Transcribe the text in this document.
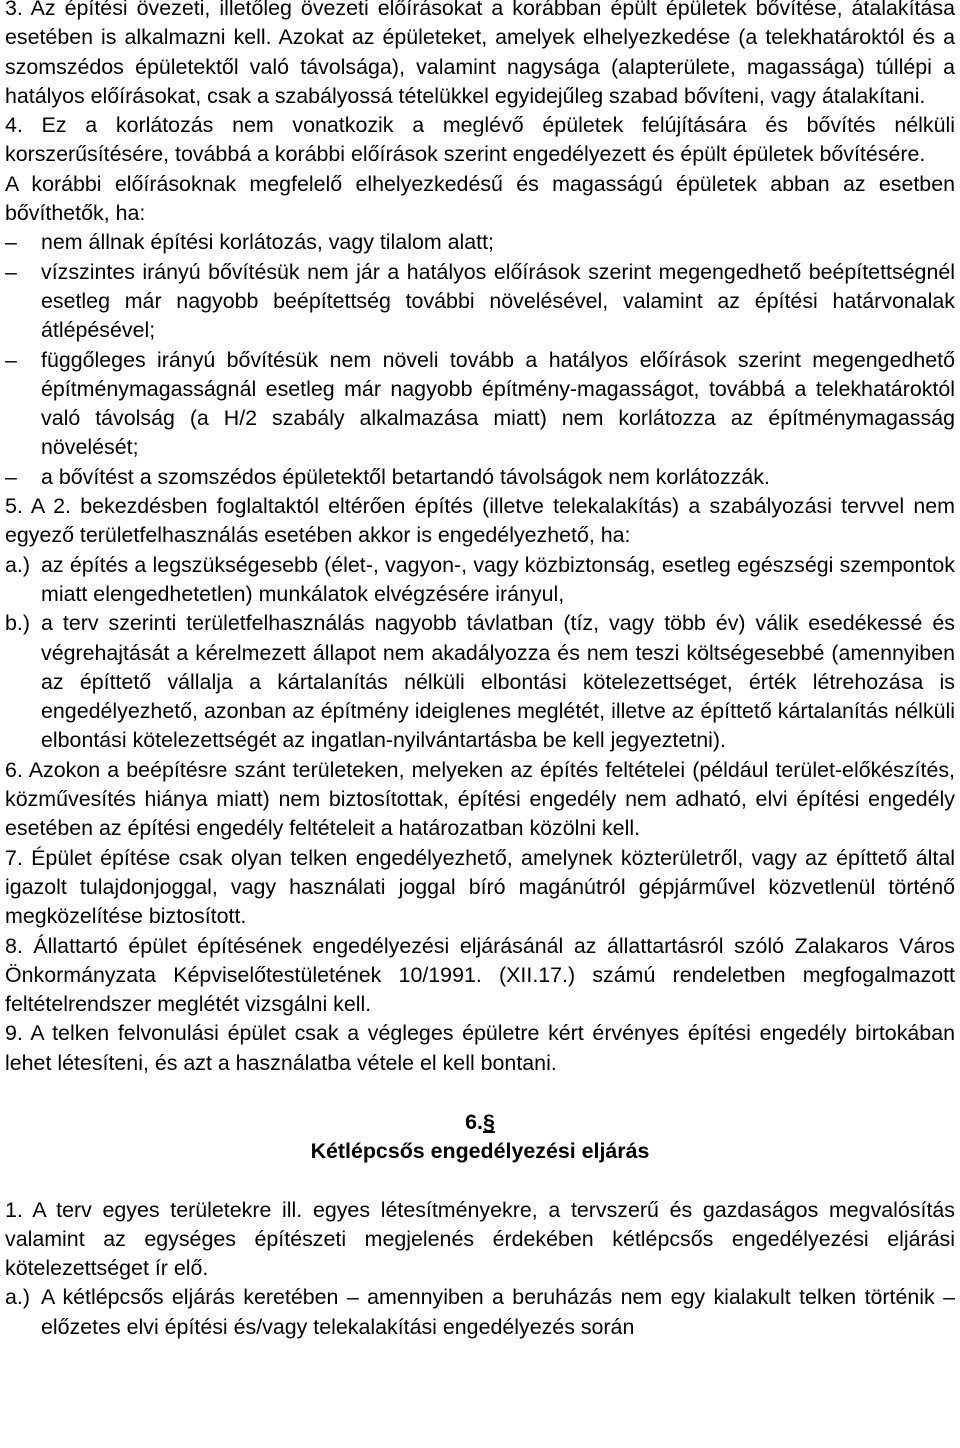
3. Az építési övezeti, illetőleg övezeti előírásokat a korábban épült épületek bővítése, átalakítása esetében is alkalmazni kell. Azokat az épületeket, amelyek elhelyezkedése (a telekhatároktól és a szomszédos épületektől való távolsága), valamint nagysága (alapterülete, magassága) túllépi a hatályos előírásokat, csak a szabályossá tételükkel egyidejűleg szabad bővíteni, vagy átalakítani.

4. Ez a korlátozás nem vonatkozik a meglévő épületek felújítására és bővítés nélküli korszerűsítésére, továbbá a korábbi előírások szerint engedélyezett és épült épületek bővítésére.

A korábbi előírásoknak megfelelő elhelyezkedésű és magasságú épületek abban az esetben bővíthetők, ha:

–	nem állnak építési korlátozás, vagy tilalom alatt;
–	vízszintes irányú bővítésük nem jár a hatályos előírások szerint megengedhető beépítettségnél esetleg már nagyobb beépítettség további növelésével, valamint az építési határvonalak átlépésével;
–	függőleges irányú bővítésük nem növeli tovább a hatályos előírások szerint megengedhető építménymagasságnál esetleg már nagyobb építmény-magasságot, továbbá a telekhatároktól való távolság (a H/2 szabály alkalmazása miatt) nem korlátozza az építménymagasság növelését;
–	a bővítést a szomszédos épületektől betartandó távolságok nem korlátozzák.

5. A 2. bekezdésben foglaltaktól eltérően építés (illetve telekalakítás) a szabályozási tervvel nem egyező területfelhasználás esetében akkor is engedélyezhető, ha:

a.) az építés a legszükségesebb (élet-, vagyon-, vagy közbiztonság, esetleg egészségi szempontok miatt elengedhetetlen) munkálatok elvégzésére irányul,
b.) a terv szerinti területfelhasználás nagyobb távlatban (tíz, vagy több év) válik esedékessé és végrehajtását a kérelmezett állapot nem akadályozza és nem teszi költségesebbé (amennyiben az építtető vállalja a kártalanítás nélküli elbontási kötelezettséget, érték létrehozása is engedélyezhető, azonban az építmény ideiglenes meglétét, illetve az építtető kártalanítás nélküli elbontási kötelezettségét az ingatlan-nyilvántartásba be kell jegyeztetni).

6. Azokon a beépítésre szánt területeken, melyeken az építés feltételei (például terület-előkészítés, közművesítés hiánya miatt) nem biztosítottak, építési engedély nem adható, elvi építési engedély esetében az építési engedély feltételeit a határozatban közölni kell.

7. Épület építése csak olyan telken engedélyezhető, amelynek közterületről, vagy az építtető által igazolt tulajdonjoggal, vagy használati joggal bíró magánútról gépjárművel közvetlenül történő megközelítése biztosított.

8. Állattartó épület építésének engedélyezési eljárásánál az állattartásról szóló Zalakaros Város Önkormányzata Képviselőtestületének 10/1991. (XII.17.) számú rendeletben megfogalmazott feltételrendszer meglétét vizsgálni kell.

9. A telken felvonulási épület csak a végleges épületre kért érvényes építési engedély birtokában lehet létesíteni, és azt a használatba vétele el kell bontani.

6.§
Kétlépcsős engedélyezési eljárás

1. A terv egyes területekre ill. egyes létesítményekre, a tervszerű és gazdaságos megvalósítás valamint az egységes építészeti megjelenés érdekében kétlépcsős engedélyezési eljárási kötelezettséget ír elő.

a.) A kétlépcsős eljárás keretében – amennyiben a beruházás nem egy kialakult telken történik – előzetes elvi építési és/vagy telekalakítási engedélyezés során
